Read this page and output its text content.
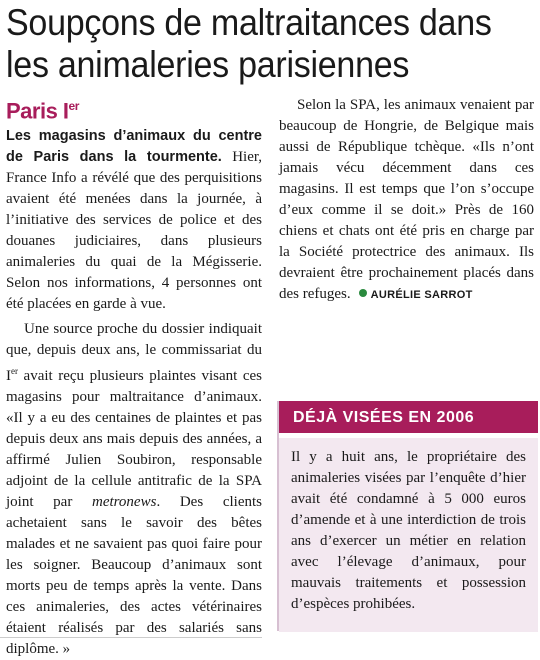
Soupçons de maltraitances dans
les animaleries parisiennes
Paris Ier

Les magasins d’animaux du centre de Paris dans la tourmente. Hier, France Info a révélé que des perquisitions avaient été menées dans la journée, à l’initiative des services de police et des douanes judiciaires, dans plusieurs animaleries du quai de la Mégisserie. Selon nos informations, 4 personnes ont été placées en garde à vue.

Une source proche du dossier indiquait que, depuis deux ans, le commissariat du Ier avait reçu plusieurs plaintes visant ces magasins pour maltraitance d’animaux. «Il y a eu des centaines de plaintes et pas depuis deux ans mais depuis des années, a affirmé Julien Soubiron, responsable adjoint de la cellule antitrafic de la SPA joint par metronews. Des clients achetaient sans le savoir des bêtes malades et ne savaient pas quoi faire pour les soigner. Beaucoup d’animaux sont morts peu de temps après la vente. Dans ces animaleries, des actes vétérinaires étaient réalisés par des salariés sans diplôme. »

Selon la SPA, les animaux venaient par beaucoup de Hongrie, de Belgique mais aussi de République tchèque. «Ils n’ont jamais vécu décemment dans ces magasins. Il est temps que l’on s’occupe d’eux comme il se doit.» Près de 160 chiens et chats ont été pris en charge par la Société protectrice des animaux. Ils devraient être prochainement placés dans des refuges. AURÉLIE SARROT

DÉJÀ VISÉES EN 2006
Il y a huit ans, le propriétaire des animaleries visées par l’enquête d’hier avait été condamné à 5 000 euros d’amende et à une interdiction de trois ans d’exercer un métier en relation avec l’élevage d’animaux, pour mauvais traitements et possession d’espèces prohibées.
